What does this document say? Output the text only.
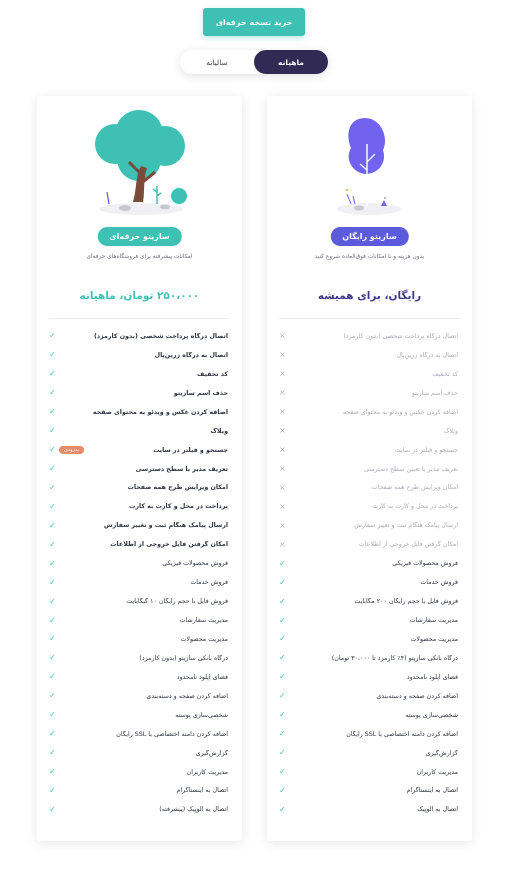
خرید نسخه حرفه‌ای
ماهیانه
سالیانه
سازیتو رایگان
بدون هزینه و با امکانات فوق‌العاده شروع کنید
رایگان، برای همیشه
اتصال درگاه پرداخت شخصی (بدون کارمزد)
×
اتصال به درگاه زرین‌پال
×
کد تخفیف
×
حذف اسم سازیتو
×
اضافه کردن عکس و ویدئو به محتوای صفحه
×
وبلاگ
×
جستجو و فیلتر در سایت
×
تعریف مدیر با تعیین سطح دسترسی
×
امکان ویرایش طرح همه صفحات
×
پرداخت در محل و کارت به کارت
×
ارسال پیامک هنگام ثبت و تغییر سفارش
×
امکان گرفتن فایل خروجی از اطلاعات
×
فروش محصولات فیزیکی
✓
فروش خدمات
✓
فروش فایل با حجم رایگان ۲۰۰ مگابایت
✓
مدیریت سفارشات
✓
مدیریت محصولات
✓
درگاه بانکی سازیتو (۴٪ کارمزد تا ۳۰،۰۰۰ تومان)
✓
فضای آپلود نامحدود
✓
اضافه کردن صفحه و دسته‌بندی
✓
شخصی‌سازی پوسته
✓
اضافه کردن دامنه اختصاصی با SSL رایگان
✓
گزارش‌گیری
✓
مدیریت کاربران
✓
اتصال به اینستاگرام
✓
اتصال به الوپیک
✓
سازیتو حرفه‌ای
امکانات پیشرفته برای فروشگاه‌های حرفه‌ای
۲۵۰،۰۰۰ تومان، ماهیانه
اتصال درگاه پرداخت شخصی (بدون کارمزد)
✓
اتصال به درگاه زرین‌پال
✓
کد تخفیف
✓
حذف اسم سازیتو
✓
اضافه کردن عکس و ویدئو به محتوای صفحه
✓
وبلاگ
✓
جستجو و فیلتر در سایت
به‌زودی
✓
تعریف مدیر با سطح دسترسی
✓
امکان ویرایش طرح همه صفحات
✓
پرداخت در محل و کارت به کارت
✓
ارسال پیامک هنگام ثبت و تغییر سفارش
✓
امکان گرفتن فایل خروجی از اطلاعات
✓
فروش محصولات فیزیکی
✓
فروش خدمات
✓
فروش فایل با حجم رایگان ۱۰ گیگابایت
✓
مدیریت سفارشات
✓
مدیریت محصولات
✓
درگاه بانکی سازیتو (بدون کارمزد)
✓
فضای آپلود نامحدود
✓
اضافه کردن صفحه و دسته‌بندی
✓
شخصی‌سازی پوسته
✓
اضافه کردن دامنه اختصاصی با SSL رایگان
✓
گزارش‌گیری
✓
مدیریت کاربران
✓
اتصال به اینستاگرام
✓
اتصال به الوپیک (پیشرفته)
✓
